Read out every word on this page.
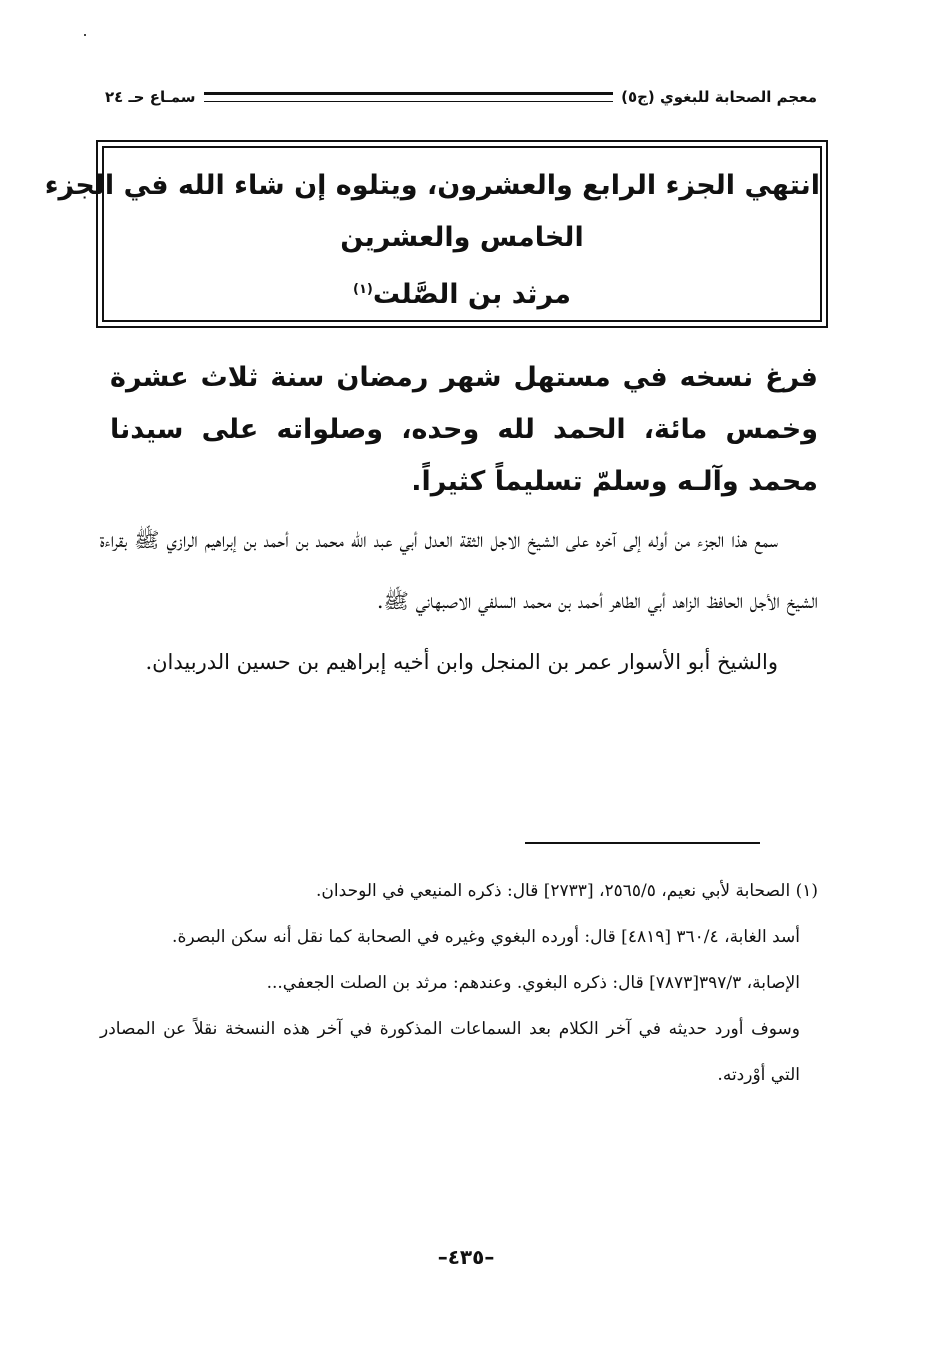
معجم الصحابة للبغوي (ج٥)
سمـاع حـ ٢٤
انتهي الجزء الرابع والعشرون، ويتلوه إن شاء الله في الجزء
الخامس والعشرين
مرثد بن الصَّلت$^{(١)}$
فرغ نسخه في مستهل شهر رمضان سنة ثلاث عشرة وخمس مائة، الحمد لله وحده، وصلواته على سيدنا محمد وآلـه وسلمّ تسليماً كثيراً.

سمع هذا الجزء من أوله إلى آخره على الشيخ الاجل الثقة العدل أبي عبد الله محمد بن أحمد بن إبراهيم الرازي ﷺ بقراءة الشيخ الأجل الحافظ الزاهد أبي الطاهر أحمد بن محمد السلفي الاصبهاني ﷺ.

والشيخ أبو الأسوار عمر بن المنجل وابن أخيه إبراهيم بن حسين الدربيدان.

(١) الصحابة لأبي نعيم، ٢٥٦٥/٥، [٢٧٣٣] قال: ذكره المنيعي في الوحدان.

أسد الغابة، ٣٦٠/٤ [٤٨١٩] قال: أورده البغوي وغيره في الصحابة كما نقل أنه سكن البصرة.

الإصابة، ٣٩٧/٣[٧٨٧٣] قال: ذكره البغوي. وعندهم: مرثد بن الصلت الجعفي...

وسوف أورد حديثه في آخر الكلام بعد السماعات المذكورة في آخر هذه النسخة نقلاً عن المصادر التي أوْردته.

–٤٣٥–
